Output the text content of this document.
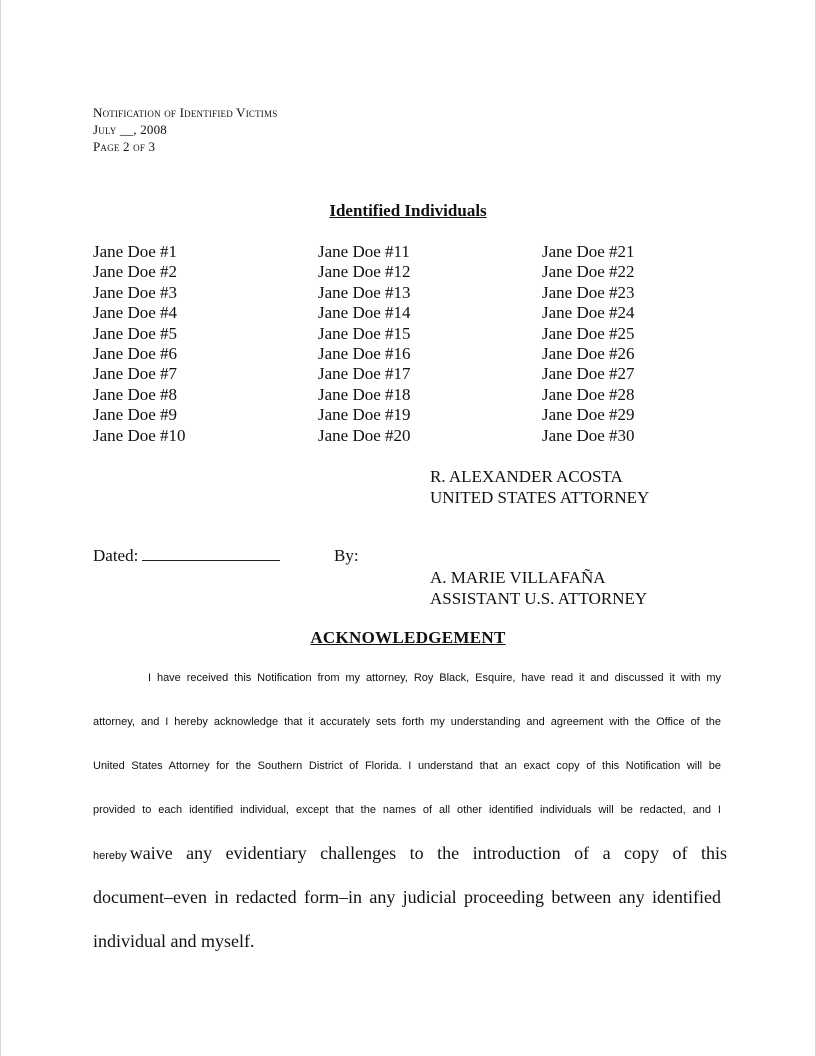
Notification of Identified Victims
July __, 2008
Page 2 of 3
Identified Individuals
Jane Doe #1
Jane Doe #2
Jane Doe #3
Jane Doe #4
Jane Doe #5
Jane Doe #6
Jane Doe #7
Jane Doe #8
Jane Doe #9
Jane Doe #10
Jane Doe #11
Jane Doe #12
Jane Doe #13
Jane Doe #14
Jane Doe #15
Jane Doe #16
Jane Doe #17
Jane Doe #18
Jane Doe #19
Jane Doe #20
Jane Doe #21
Jane Doe #22
Jane Doe #23
Jane Doe #24
Jane Doe #25
Jane Doe #26
Jane Doe #27
Jane Doe #28
Jane Doe #29
Jane Doe #30
R. ALEXANDER ACOSTA
UNITED STATES ATTORNEY
Dated:	By:
A. MARIE VILLAFAÑA
ASSISTANT U.S. ATTORNEY
ACKNOWLEDGEMENT
I have received this Notification from my attorney, Roy Black, Esquire, have read it and discussed it with my
attorney, and I hereby acknowledge that it accurately sets forth my understanding and agreement with the Office of the
United States Attorney for the Southern District of Florida. I understand that an exact copy of this Notification will be
provided to each identified individual, except that the names of all other identified individuals will be redacted, and I
hereby waive any evidentiary challenges to the introduction of a copy of this
document–even in redacted form–in any judicial proceeding between any identified
individual and myself.
